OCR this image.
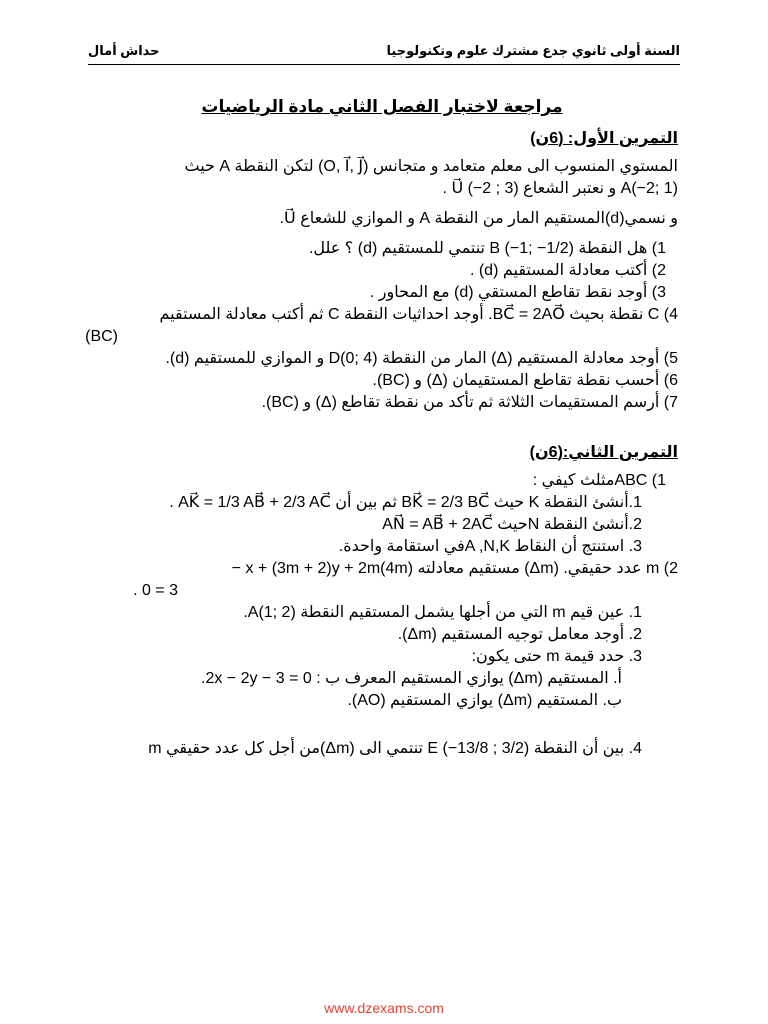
السنة أولى ثانوي جدع مشترك علوم وتكنولوجيا
حداش أمال
مراجعة لاختبار الفصل الثاني مادة الرياضيات
التمرين الأول: (6ن)

المستوي المنسوب الى معلم متعامد و متجانس (O, I⃗, J⃗) لتكن النقطة A حيث

A(−2; 1) و نعتبر الشعاع U⃗ (−2 ; 3) .

و نسمي(d)المستقيم المار من النقطة A و الموازي للشعاع U⃗.

1) هل النقطة B (−1; −1/2) تنتمي للمستقيم (d) ؟ علل.

2) أكتب معادلة المستقيم (d) .

3) أوجد نقط تقاطع المستقي (d) مع المحاور .

4) C نقطة بحيث BC⃗ = 2AO⃗. أوجد احداثيات النقطة C ثم أكتب معادلة المستقيم

(BC)

5) أوجد معادلة المستقيم (Δ) المار من النقطة D(0; 4) و الموازي للمستقيم (d).

6) أحسب نقطة تقاطع المستقيمان (Δ) و (BC).

7) أرسم المستقيمات الثلاثة ثم تأكد من نقطة تقاطع (Δ) و (BC).

التمرين الثاني:(6ن)

1) ABCمثلث كيفي :

1.أنشئ النقطة K حيث BK⃗ = 2/3 BC⃗ ثم بين أن AK⃗ = 1/3 AB⃗ + 2/3 AC⃗ .

2.أنشئ النقطة Nحيث AN⃗ = AB⃗ + 2AC⃗

3. استنتج أن النقاط A ,N,Kفي استقامة واحدة.

2) m عدد حقيقي. (Δm) مستقيم معادلته (4m)x + (3m + 2)y + 2m −

3 = 0 .

1. عين قيم m التي من أجلها يشمل المستقيم النقطة A(1; 2).

2. أوجد معامل توجيه المستقيم (Δm).

3. حدد قيمة m حتى يكون:

أ. المستقيم (Δm) يوازي المستقيم المعرف ب : 2x − 2y − 3 = 0.

ب. المستقيم (Δm) يوازي المستقيم (AO).

4. بين أن النقطة E (−13/8 ; 3/2) تنتمي الى (Δm)من أجل كل عدد حقيقي m

www.dzexams.com
